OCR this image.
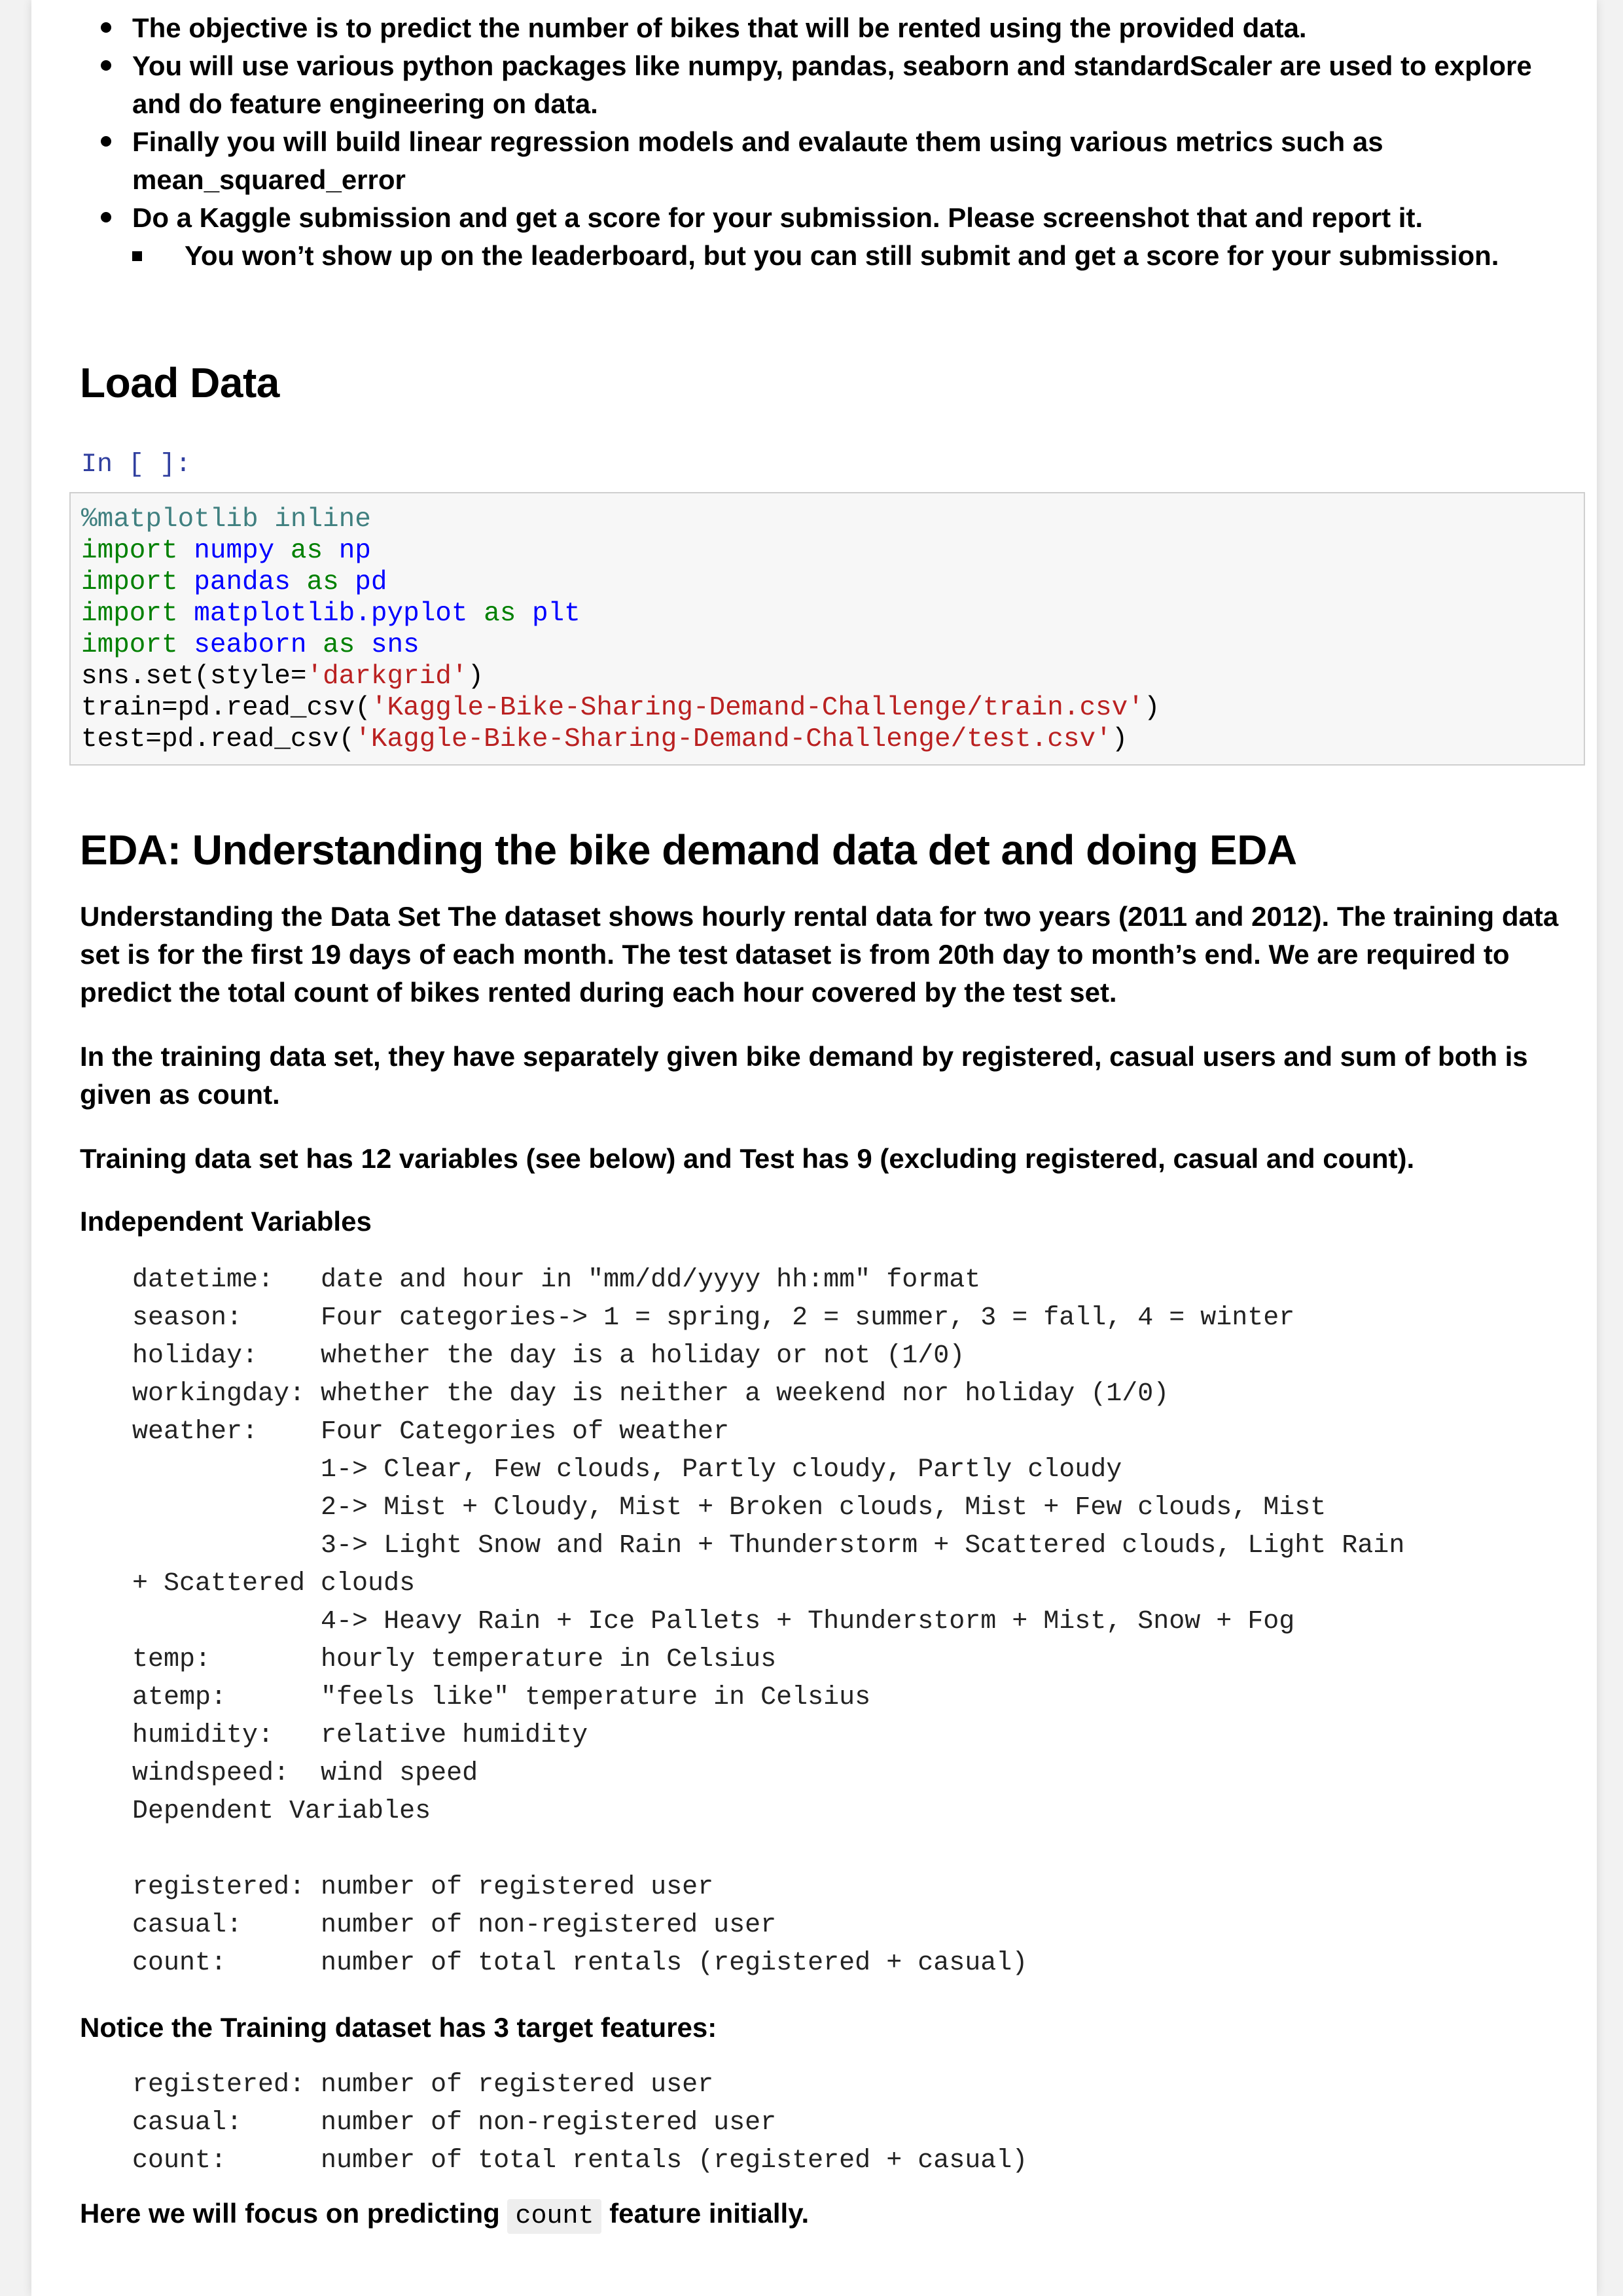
The objective is to predict the number of bikes that will be rented using the provided data.
You will use various python packages like numpy, pandas, seaborn and standardScaler are used to explore and do feature engineering on data.
Finally you will build linear regression models and evalaute them using various metrics such as mean_squared_error
Do a Kaggle submission and get a score for your submission. Please screenshot that and report it.
You won’t show up on the leaderboard, but you can still submit and get a score for your submission.
Load Data
In [ ]:
%matplotlib inline
import numpy as np
import pandas as pd
import matplotlib.pyplot as plt
import seaborn as sns
sns.set(style='darkgrid')
train=pd.read_csv('Kaggle-Bike-Sharing-Demand-Challenge/train.csv')
test=pd.read_csv('Kaggle-Bike-Sharing-Demand-Challenge/test.csv')
EDA: Understanding the bike demand data det and doing EDA

Understanding the Data Set The dataset shows hourly rental data for two years (2011 and 2012). The training data set is for the first 19 days of each month. The test dataset is from 20th day to month’s end. We are required to predict the total count of bikes rented during each hour covered by the test set.

In the training data set, they have separately given bike demand by registered, casual users and sum of both is given as count.

Training data set has 12 variables (see below) and Test has 9 (excluding registered, casual and count).

Independent Variables

datetime:   date and hour in "mm/dd/yyyy hh:mm" format
season:     Four categories-> 1 = spring, 2 = summer, 3 = fall, 4 = winter
holiday:    whether the day is a holiday or not (1/0)
workingday: whether the day is neither a weekend nor holiday (1/0)
weather:    Four Categories of weather
1-> Clear, Few clouds, Partly cloudy, Partly cloudy
2-> Mist + Cloudy, Mist + Broken clouds, Mist + Few clouds, Mist
3-> Light Snow and Rain + Thunderstorm + Scattered clouds, Light Rain
+ Scattered clouds
4-> Heavy Rain + Ice Pallets + Thunderstorm + Mist, Snow + Fog
temp:       hourly temperature in Celsius
atemp:      "feels like" temperature in Celsius
humidity:   relative humidity
windspeed:  wind speed
Dependent Variables

registered: number of registered user
casual:     number of non-registered user
count:      number of total rentals (registered + casual)

Notice the Training dataset has 3 target features:

registered: number of registered user
casual:     number of non-registered user
count:      number of total rentals (registered + casual)

Here we will focus on predicting count feature initially.
